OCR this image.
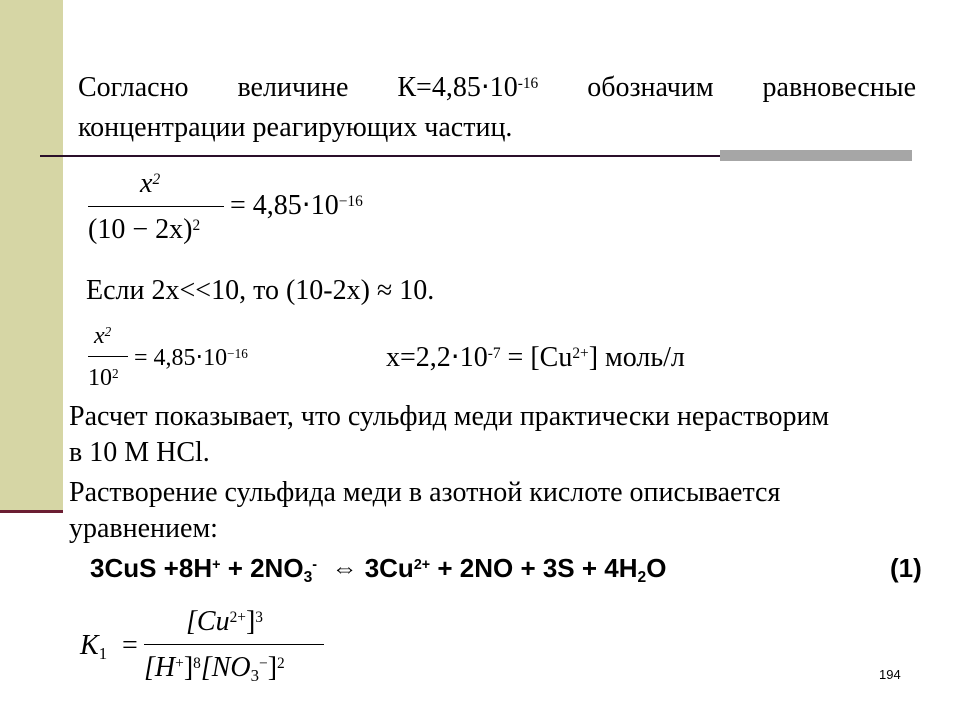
Согласно величине $К=4,85\cdot 10^{-16}$ обозначим равновесные
концентрации реагирующих частиц.
$x^2$
$(10 - 2x)^2$
= $4,85\cdot 10^{-16}$
Если 2x<<10, то (10-2x) ≈ 10.
$x^2$
$10^2$
= $4,85\cdot 10^{-16}$	$x=2,2\cdot 10^{-7} = [Cu^{2+}]$ моль/л
Расчет показывает, что сульфид меди практически нерастворим
в 10 М HCl.
Растворение сульфида меди в азотной кислоте описывается
уравнением:
3CuS +8H+ + 2NO3- ⇔ $3Cu^{2+} + 2NO + 3S + 4H2O$	(1)
K1 =
$[Cu^{2+}]^3$
$[H^+]^8[NO3^-]^2$
194
